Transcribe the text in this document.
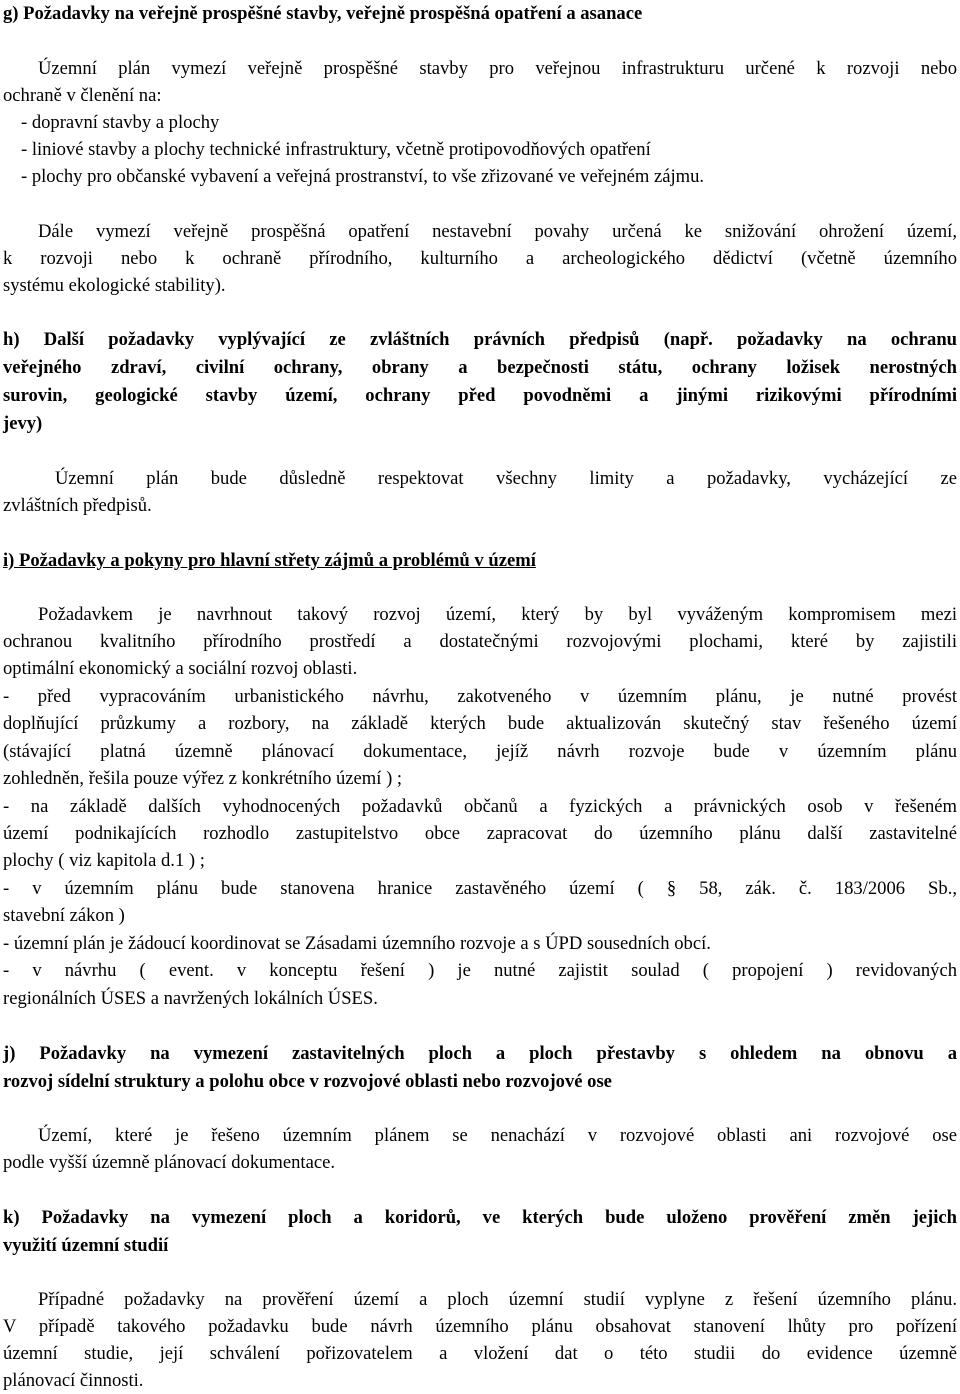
g) Požadavky na veřejně prospěšné stavby, veřejně prospěšná opatření a asanace
Územní plán vymezí veřejně prospěšné stavby pro veřejnou infrastrukturu určené k rozvoji nebo
ochraně v členění na:
- dopravní stavby a plochy
- liniové stavby a plochy technické infrastruktury, včetně protipovodňových opatření
- plochy pro občanské vybavení a veřejná prostranství, to vše zřizované ve veřejném zájmu.
Dále vymezí veřejně prospěšná opatření nestavební povahy určená ke snižování ohrožení území,
k rozvoji nebo k ochraně přírodního, kulturního a archeologického dědictví (včetně územního
systému ekologické stability).
h) Další požadavky vyplývající ze zvláštních právních předpisů (např. požadavky na ochranu
veřejného zdraví, civilní ochrany, obrany a bezpečnosti státu, ochrany ložisek nerostných
surovin, geologické stavby území, ochrany před povodněmi a jinými rizikovými přírodními
jevy)
Územní plán bude důsledně respektovat všechny limity a požadavky, vycházející ze
zvláštních předpisů.
i) Požadavky a pokyny pro hlavní střety zájmů a problémů v území
Požadavkem je navrhnout takový rozvoj území, který by byl vyváženým kompromisem mezi
ochranou kvalitního přírodního prostředí a dostatečnými rozvojovými plochami, které by zajistili
optimální ekonomický a sociální rozvoj oblasti.
- před vypracováním urbanistického návrhu, zakotveného v územním plánu, je nutné provést
doplňující průzkumy a rozbory, na základě kterých bude aktualizován skutečný stav řešeného území
(stávající platná územně plánovací dokumentace, jejíž návrh rozvoje bude v územním plánu
zohledněn, řešila pouze výřez z konkrétního území ) ;
- na základě dalších vyhodnocených požadavků občanů a fyzických a právnických osob v řešeném
území podnikajících rozhodlo zastupitelstvo obce zapracovat do územního plánu další zastavitelné
plochy ( viz kapitola d.1 ) ;
- v územním plánu bude stanovena hranice zastavěného území ( § 58, zák. č. 183/2006 Sb.,
stavební zákon )
- územní plán je žádoucí koordinovat se Zásadami územního rozvoje a s ÚPD sousedních obcí.
- v návrhu ( event. v konceptu řešení ) je nutné zajistit soulad ( propojení ) revidovaných
regionálních ÚSES a navržených lokálních ÚSES.
j) Požadavky na vymezení zastavitelných ploch a ploch přestavby s ohledem na obnovu a
rozvoj sídelní struktury a polohu obce v rozvojové oblasti nebo rozvojové ose
Území, které je řešeno územním plánem se nenachází v rozvojové oblasti ani rozvojové ose
podle vyšší územně plánovací dokumentace.
k) Požadavky na vymezení ploch a koridorů, ve kterých bude uloženo prověření změn jejich
využití územní studií
Případné požadavky na prověření území a ploch územní studií vyplyne z řešení územního plánu.
V případě takového požadavku bude návrh územního plánu obsahovat stanovení lhůty pro pořízení
územní studie, její schválení pořizovatelem a vložení dat o této studii do evidence územně
plánovací činnosti.
